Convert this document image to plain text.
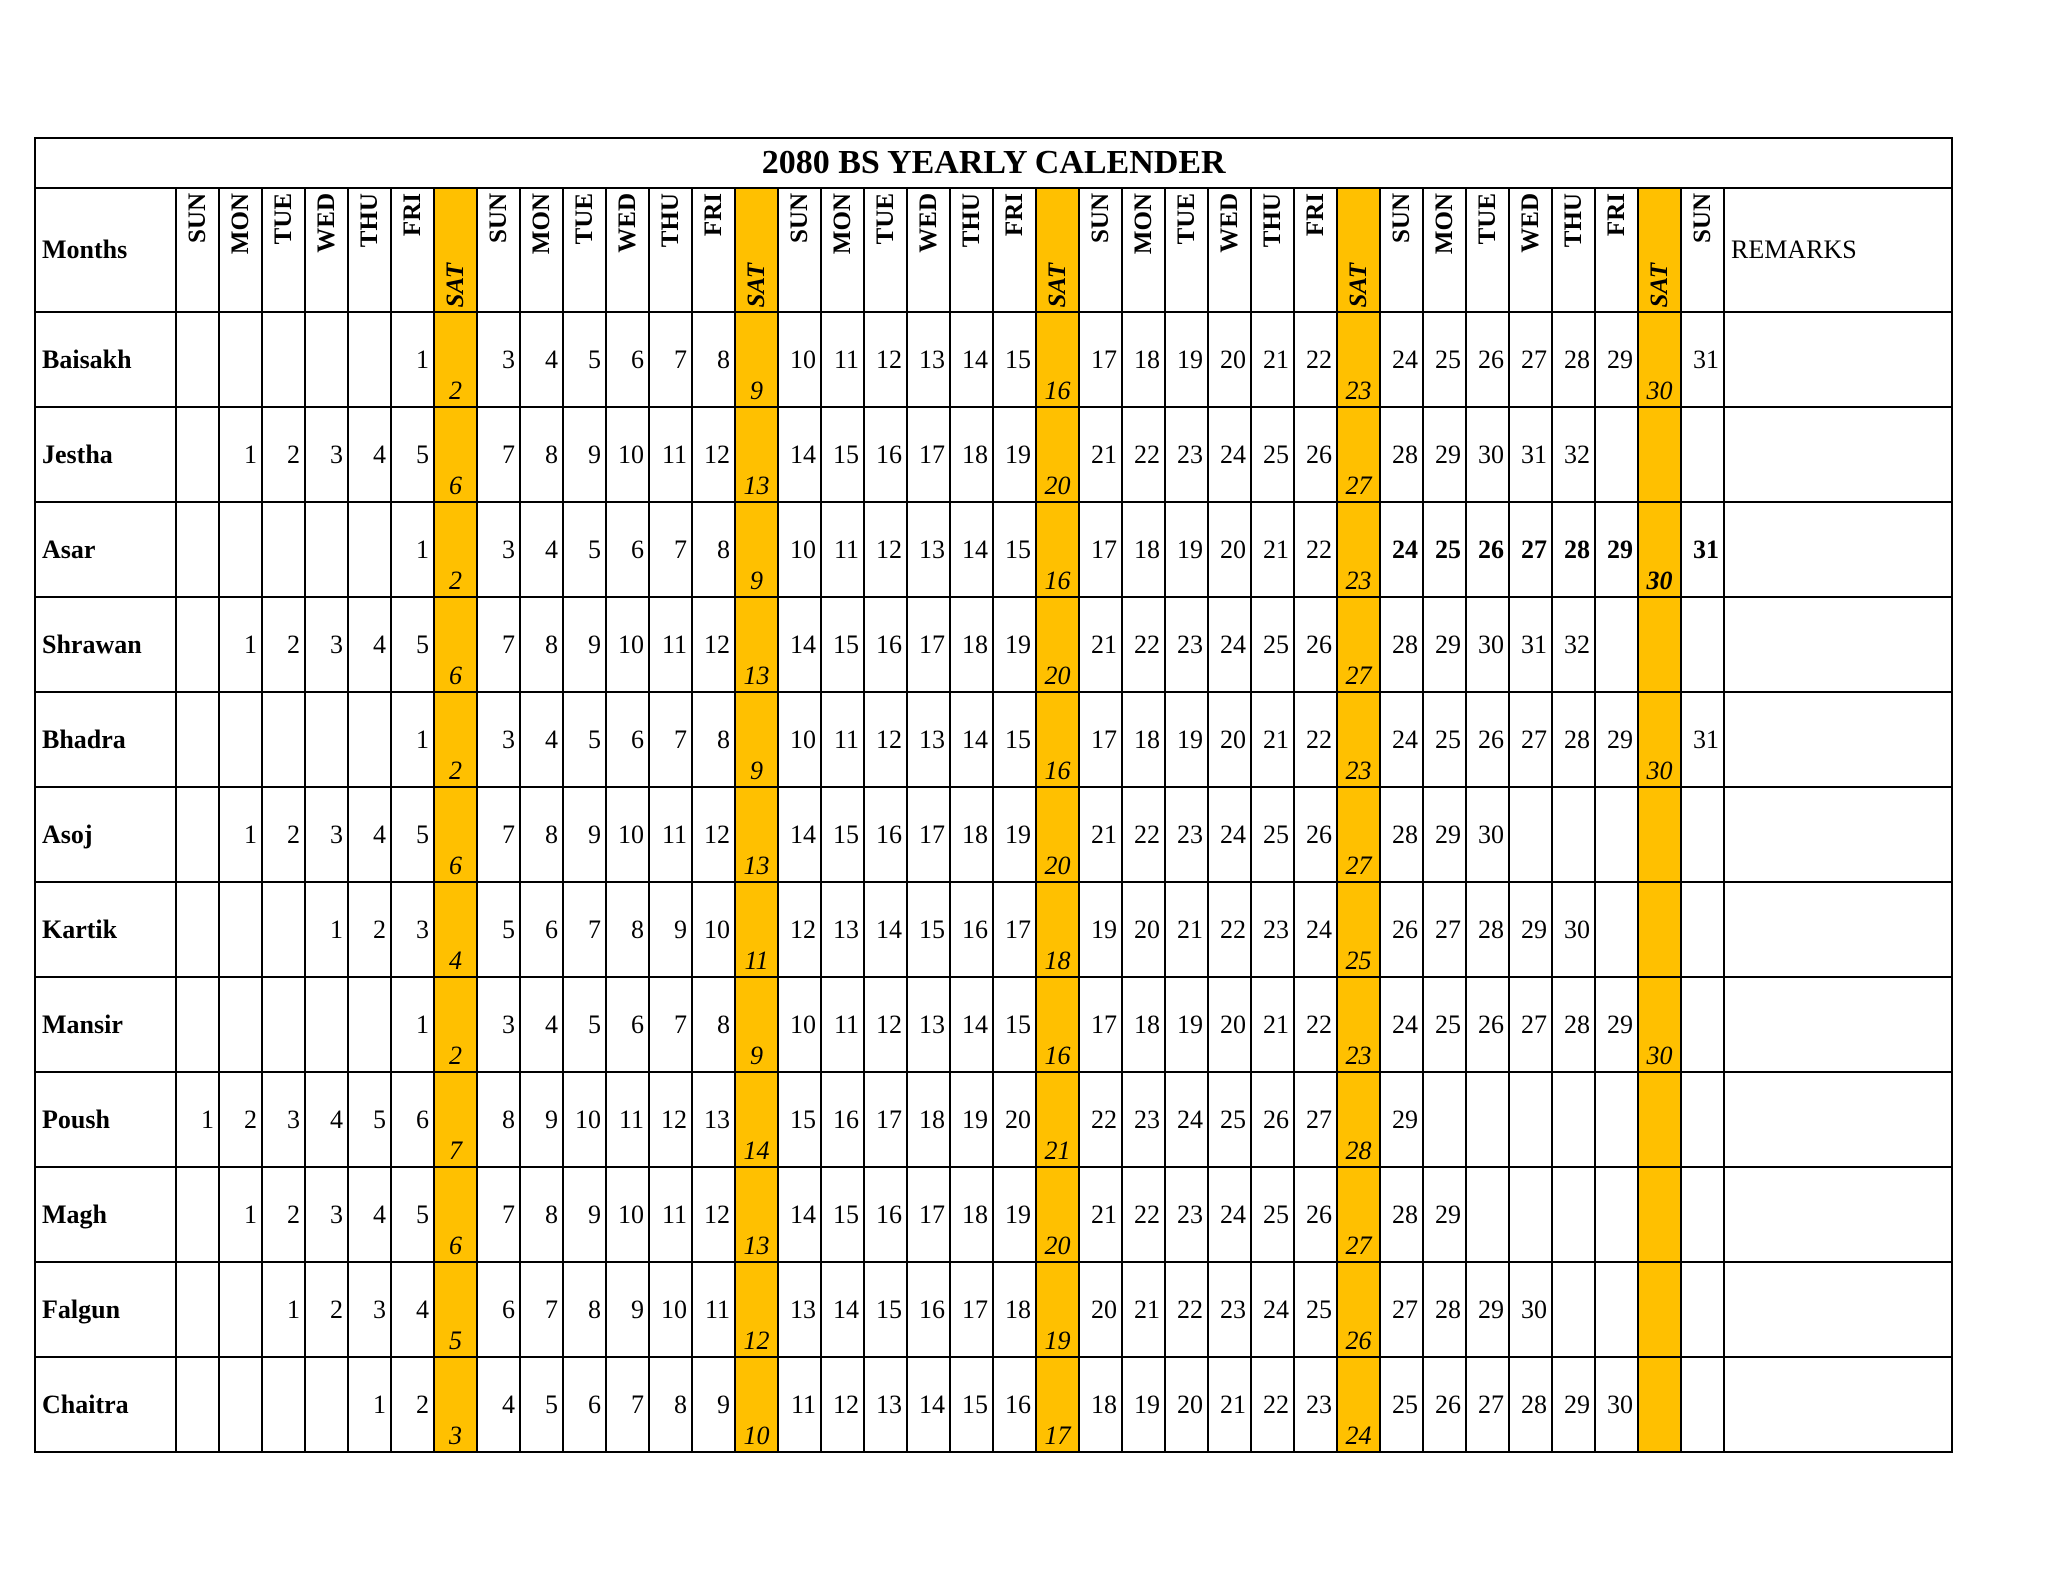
2080 BS YEARLY CALENDER																																					
Months	SUN	MON	TUE	WED	THU	FRI	SAT	SUN	MON	TUE	WED	THU	FRI	SAT	SUN	MON	TUE	WED	THU	FRI	SAT	SUN	MON	TUE	WED	THU	FRI	SAT	SUN	MON	TUE	WED	THU	FRI	SAT	SUN	REMARKS
Baisakh						1	2	3	4	5	6	7	8	9	10	11	12	13	14	15	16	17	18	19	20	21	22	23	24	25	26	27	28	29	30	31	
Jestha		1	2	3	4	5	6	7	8	9	10	11	12	13	14	15	16	17	18	19	20	21	22	23	24	25	26	27	28	29	30	31	32				
Asar						1	2	3	4	5	6	7	8	9	10	11	12	13	14	15	16	17	18	19	20	21	22	23	24	25	26	27	28	29	30	31	
Shrawan		1	2	3	4	5	6	7	8	9	10	11	12	13	14	15	16	17	18	19	20	21	22	23	24	25	26	27	28	29	30	31	32				
Bhadra						1	2	3	4	5	6	7	8	9	10	11	12	13	14	15	16	17	18	19	20	21	22	23	24	25	26	27	28	29	30	31	
Asoj		1	2	3	4	5	6	7	8	9	10	11	12	13	14	15	16	17	18	19	20	21	22	23	24	25	26	27	28	29	30						
Kartik				1	2	3	4	5	6	7	8	9	10	11	12	13	14	15	16	17	18	19	20	21	22	23	24	25	26	27	28	29	30				
Mansir						1	2	3	4	5	6	7	8	9	10	11	12	13	14	15	16	17	18	19	20	21	22	23	24	25	26	27	28	29	30		
Poush	1	2	3	4	5	6	7	8	9	10	11	12	13	14	15	16	17	18	19	20	21	22	23	24	25	26	27	28	29								
Magh		1	2	3	4	5	6	7	8	9	10	11	12	13	14	15	16	17	18	19	20	21	22	23	24	25	26	27	28	29							
Falgun			1	2	3	4	5	6	7	8	9	10	11	12	13	14	15	16	17	18	19	20	21	22	23	24	25	26	27	28	29	30					
Chaitra					1	2	3	4	5	6	7	8	9	10	11	12	13	14	15	16	17	18	19	20	21	22	23	24	25	26	27	28	29	30			
